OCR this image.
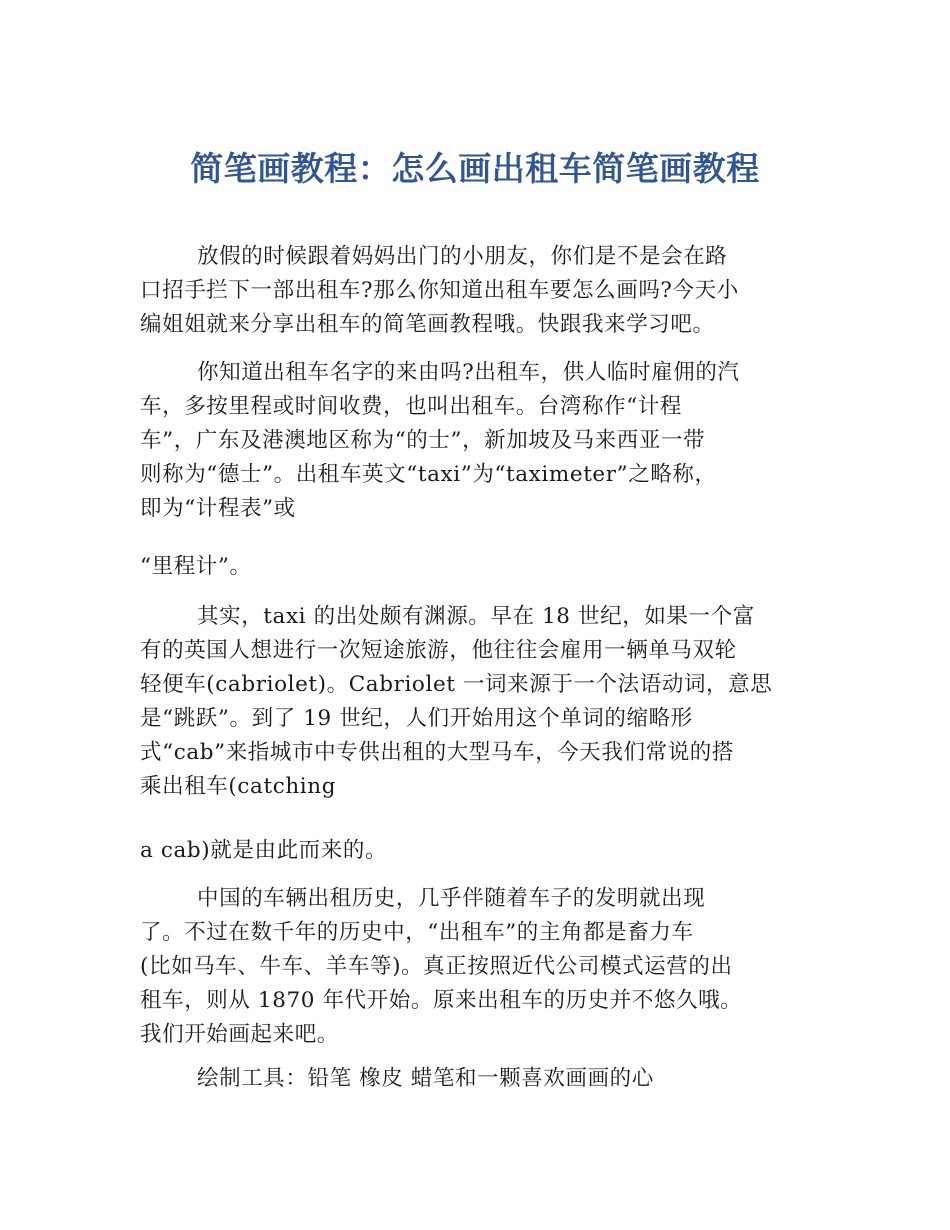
简笔画教程：怎么画出租车简笔画教程
放假的时候跟着妈妈出门的小朋友，你们是不是会在路
口招手拦下一部出租车?那么你知道出租车要怎么画吗?今天小
编姐姐就来分享出租车的简笔画教程哦。快跟我来学习吧。
你知道出租车名字的来由吗?出租车，供人临时雇佣的汽
车，多按里程或时间收费，也叫出租车。台湾称作“计程
车”，广东及港澳地区称为“的士”，新加坡及马来西亚一带
则称为“德士”。出租车英文“taxi”为“taximeter”之略称，
即为“计程表”或
“里程计”。
其实，taxi 的出处颇有渊源。早在 18 世纪，如果一个富
有的英国人想进行一次短途旅游，他往往会雇用一辆单马双轮
轻便车(cabriolet)。Cabriolet 一词来源于一个法语动词，意思
是“跳跃”。到了 19 世纪，人们开始用这个单词的缩略形
式“cab”来指城市中专供出租的大型马车，今天我们常说的搭
乘出租车(catching
a cab)就是由此而来的。
中国的车辆出租历史，几乎伴随着车子的发明就出现
了。不过在数千年的历史中，“出租车”的主角都是畜力车
(比如马车、牛车、羊车等)。真正按照近代公司模式运营的出
租车，则从 1870 年代开始。原来出租车的历史并不悠久哦。
我们开始画起来吧。
绘制工具：铅笔 橡皮 蜡笔和一颗喜欢画画的心
